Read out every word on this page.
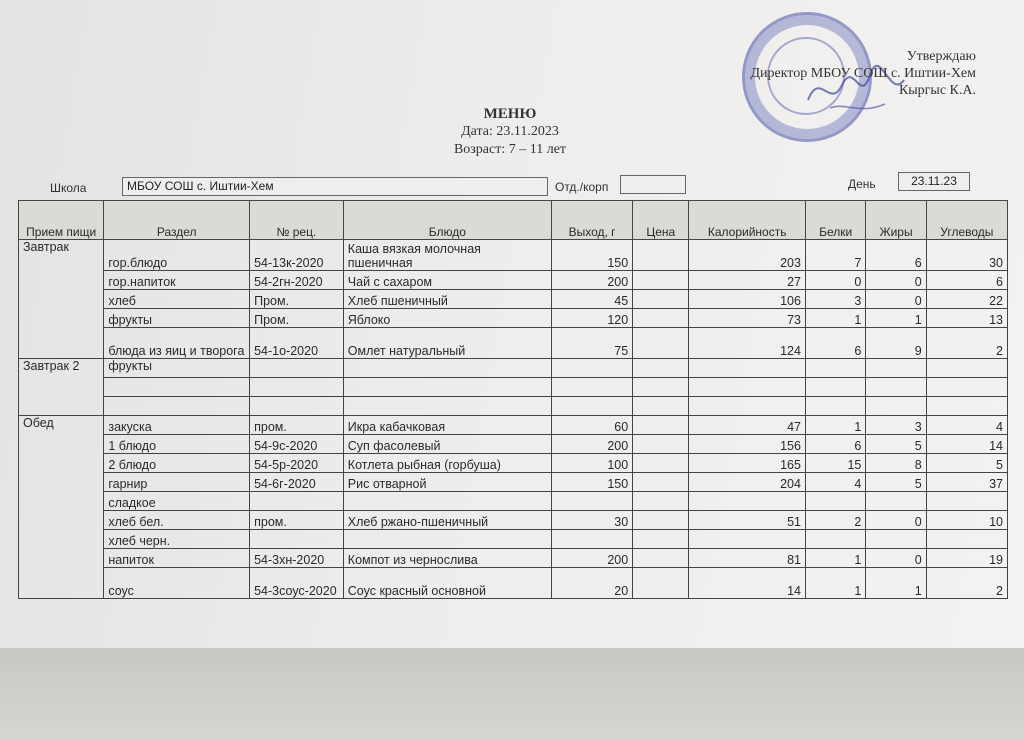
Утверждаю
Директор МБОУ СОШ с. Иштии-Хем
Кыргыс К.А.
МЕНЮ
Дата: 23.11.2023
Возраст: 7 – 11 лет
Школа	МБОУ СОШ с. Иштии-Хем	Отд./корп	День	23.11.23
Прием пищи	Раздел	№ рец.	Блюдо	Выход, г	Цена	Калорийность	Белки	Жиры	Углеводы
Завтрак	гор.блюдо	54-13к-2020	Каша вязкая молочная пшеничная	150		203	7	6	30
	гор.напиток	54-2гн-2020	Чай с сахаром	200		27	0	0	6
	хлеб	Пром.	Хлеб пшеничный	45		106	3	0	22
	фрукты	Пром.	Яблоко	120		73	1	1	13
	блюда из яиц и творога	54-1о-2020	Омлет натуральный	75		124	6	9	2
Завтрак 2	фрукты								

Обед	закуска	пром.	Икра кабачковая	60		47	1	3	4
	1 блюдо	54-9с-2020	Суп фасолевый	200		156	6	5	14
	2 блюдо	54-5р-2020	Котлета рыбная (горбуша)	100		165	15	8	5
	гарнир	54-6г-2020	Рис отварной	150		204	4	5	37
	сладкое								
	хлеб бел.	пром.	Хлеб ржано-пшеничный	30		51	2	0	10
	хлеб черн.								
	напиток	54-3хн-2020	Компот из чернослива	200		81	1	0	19
	соус	54-3соус-2020	Соус красный основной	20		14	1	1	2
